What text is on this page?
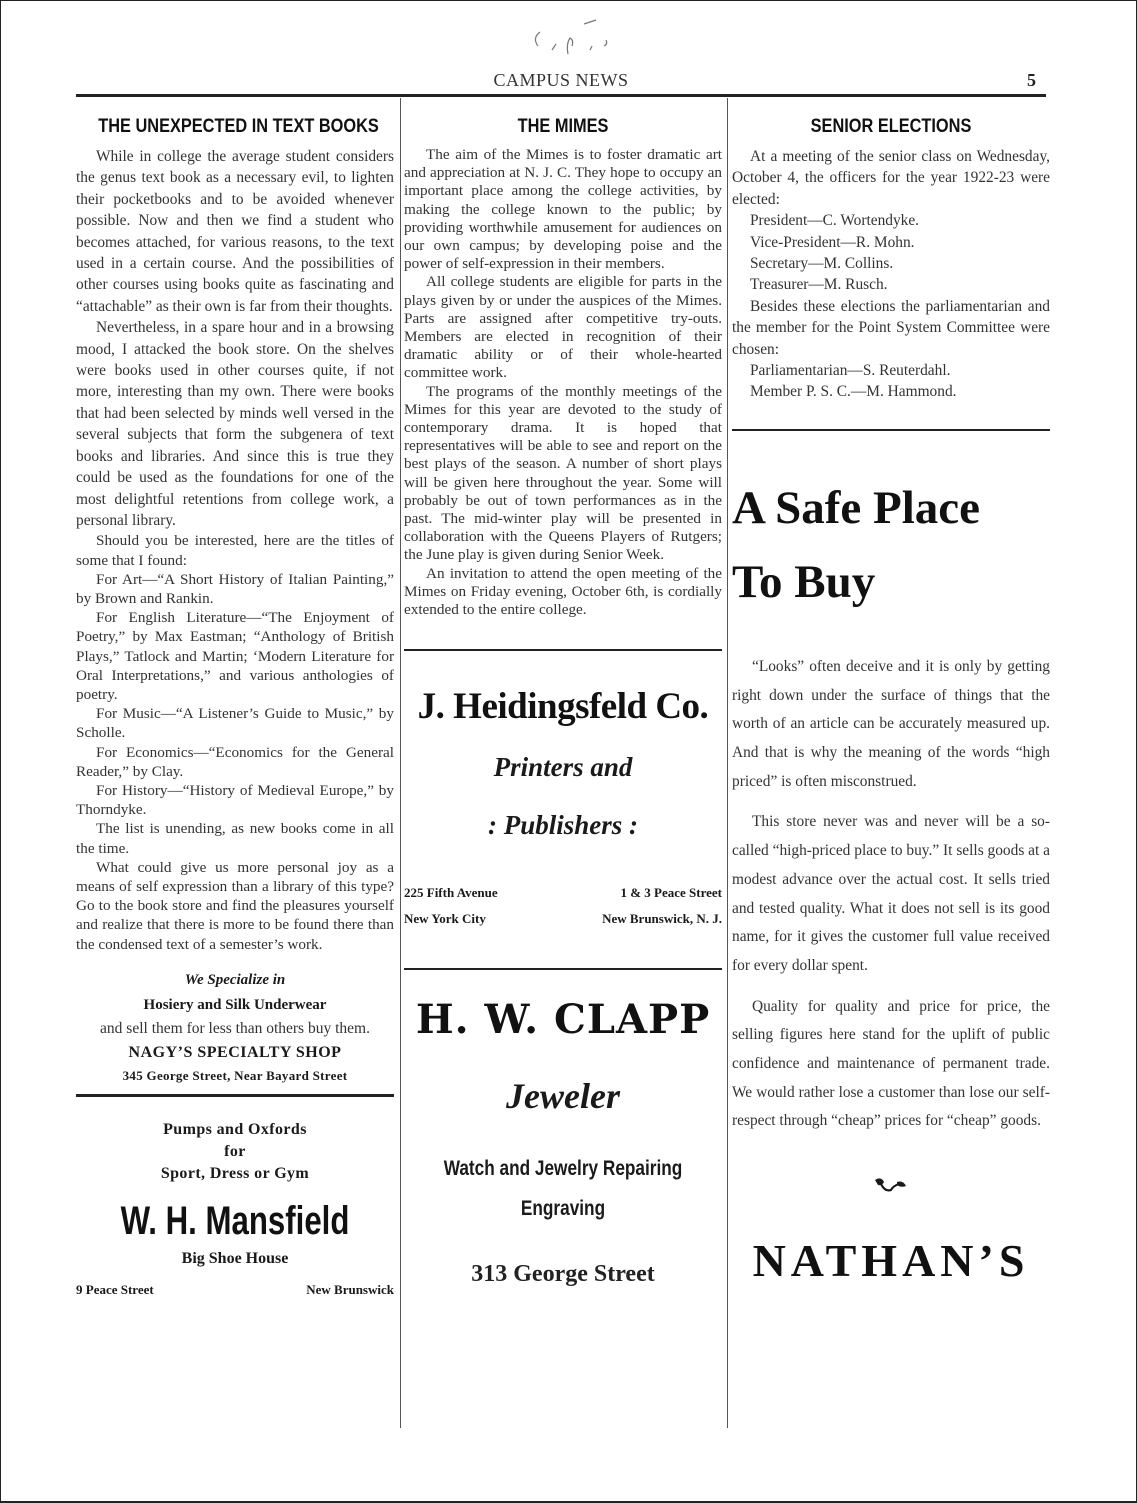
CAMPUS NEWS	5
THE UNEXPECTED IN TEXT BOOKS

While in college the average student considers the genus text book as a necessary evil, to lighten their pocketbooks and to be avoided whenever possible. Now and then we find a student who becomes attached, for various reasons, to the text used in a certain course. And the possibilities of other courses using books quite as fascinating and “attachable” as their own is far from their thoughts.

Nevertheless, in a spare hour and in a browsing mood, I attacked the book store. On the shelves were books used in other courses quite, if not more, interesting than my own. There were books that had been selected by minds well versed in the several subjects that form the subgenera of text books and libraries. And since this is true they could be used as the foundations for one of the most delightful retentions from college work, a personal library.

Should you be interested, here are the titles of some that I found:

For Art—“A Short History of Italian Painting,” by Brown and Rankin.

For English Literature—“The Enjoyment of Poetry,” by Max Eastman; “Anthology of British Plays,” Tatlock and Martin; ‘Modern Literature for Oral Interpretations,” and various anthologies of poetry.

For Music—“A Listener’s Guide to Music,” by Scholle.

For Economics—“Economics for the General Reader,” by Clay.

For History—“History of Medieval Europe,” by Thorndyke.

The list is unending, as new books come in all the time.

What could give us more personal joy as a means of self expression than a library of this type? Go to the book store and find the pleasures yourself and realize that there is more to be found there than the condensed text of a semester’s work.

We Specialize in
Hosiery and Silk Underwear
and sell them for less than others buy them.
NAGY’S SPECIALTY SHOP
345 George Street, Near Bayard Street
Pumps and Oxfords
for
Sport, Dress or Gym
W. H. Mansfield
Big Shoe House
9 Peace Street	New Brunswick
THE MIMES

The aim of the Mimes is to foster dramatic art and appreciation at N. J. C. They hope to occupy an important place among the college activities, by making the college known to the public; by providing worthwhile amusement for audiences on our own campus; by developing poise and the power of self-expression in their members.

All college students are eligible for parts in the plays given by or under the auspices of the Mimes. Parts are assigned after competitive try-outs. Members are elected in recognition of their dramatic ability or of their whole-hearted committee work.

The programs of the monthly meetings of the Mimes for this year are devoted to the study of contemporary drama. It is hoped that representatives will be able to see and report on the best plays of the season. A number of short plays will be given here throughout the year. Some will probably be out of town performances as in the past. The mid-winter play will be presented in collaboration with the Queens Players of Rutgers; the June play is given during Senior Week.

An invitation to attend the open meeting of the Mimes on Friday evening, October 6th, is cordially extended to the entire college.

J. Heidingsfeld Co.
Printers and
: Publishers :
225 Fifth Avenue
New York City
1 & 3 Peace Street
New Brunswick, N. J.
H. W. CLAPP
Jeweler
Watch and Jewelry Repairing
Engraving
313 George Street
SENIOR ELECTIONS

At a meeting of the senior class on Wednesday, October 4, the officers for the year 1922-23 were elected:

President—C. Wortendyke.

Vice-President—R. Mohn.

Secretary—M. Collins.

Treasurer—M. Rusch.

Besides these elections the parliamentarian and the member for the Point System Committee were chosen:

Parliamentarian—S. Reuterdahl.

Member P. S. C.—M. Hammond.

A Safe Place
To Buy

“Looks” often deceive and it is only by getting right down under the surface of things that the worth of an article can be accurately measured up. And that is why the meaning of the words “high priced” is often misconstrued.

This store never was and never will be a so-called “high-priced place to buy.” It sells goods at a modest advance over the actual cost. It sells tried and tested quality. What it does not sell is its good name, for it gives the customer full value received for every dollar spent.

Quality for quality and price for price, the selling figures here stand for the uplift of public confidence and maintenance of permanent trade. We would rather lose a customer than lose our self-respect through “cheap” prices for “cheap” goods.

NATHAN’S
